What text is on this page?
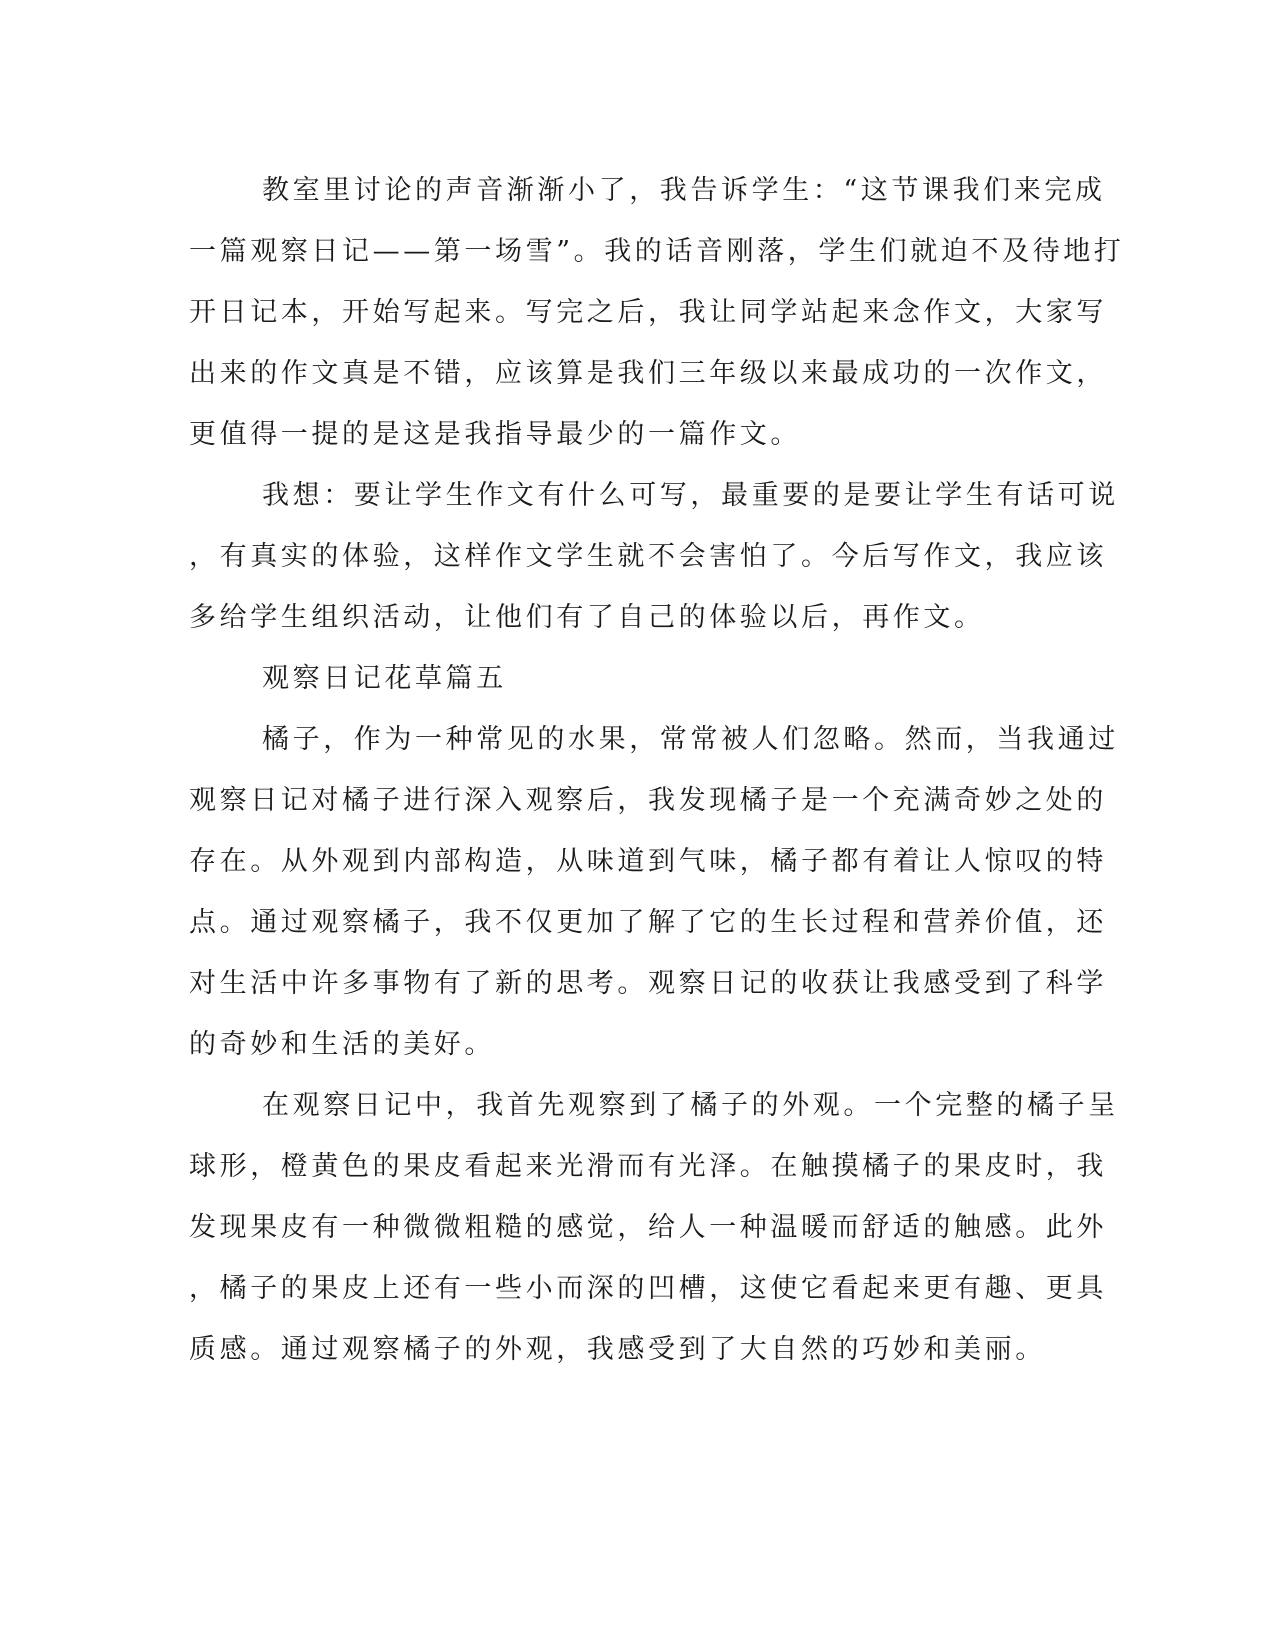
教室里讨论的声音渐渐小了，我告诉学生：“这节课我们来完成
一篇观察日记——第一场雪”。我的话音刚落，学生们就迫不及待地打
开日记本，开始写起来。写完之后，我让同学站起来念作文，大家写
出来的作文真是不错，应该算是我们三年级以来最成功的一次作文，
更值得一提的是这是我指导最少的一篇作文。
我想：要让学生作文有什么可写，最重要的是要让学生有话可说
，有真实的体验，这样作文学生就不会害怕了。今后写作文，我应该
多给学生组织活动，让他们有了自己的体验以后，再作文。
观察日记花草篇五
橘子，作为一种常见的水果，常常被人们忽略。然而，当我通过
观察日记对橘子进行深入观察后，我发现橘子是一个充满奇妙之处的
存在。从外观到内部构造，从味道到气味，橘子都有着让人惊叹的特
点。通过观察橘子，我不仅更加了解了它的生长过程和营养价值，还
对生活中许多事物有了新的思考。观察日记的收获让我感受到了科学
的奇妙和生活的美好。
在观察日记中，我首先观察到了橘子的外观。一个完整的橘子呈
球形，橙黄色的果皮看起来光滑而有光泽。在触摸橘子的果皮时，我
发现果皮有一种微微粗糙的感觉，给人一种温暖而舒适的触感。此外
，橘子的果皮上还有一些小而深的凹槽，这使它看起来更有趣、更具
质感。通过观察橘子的外观，我感受到了大自然的巧妙和美丽。
